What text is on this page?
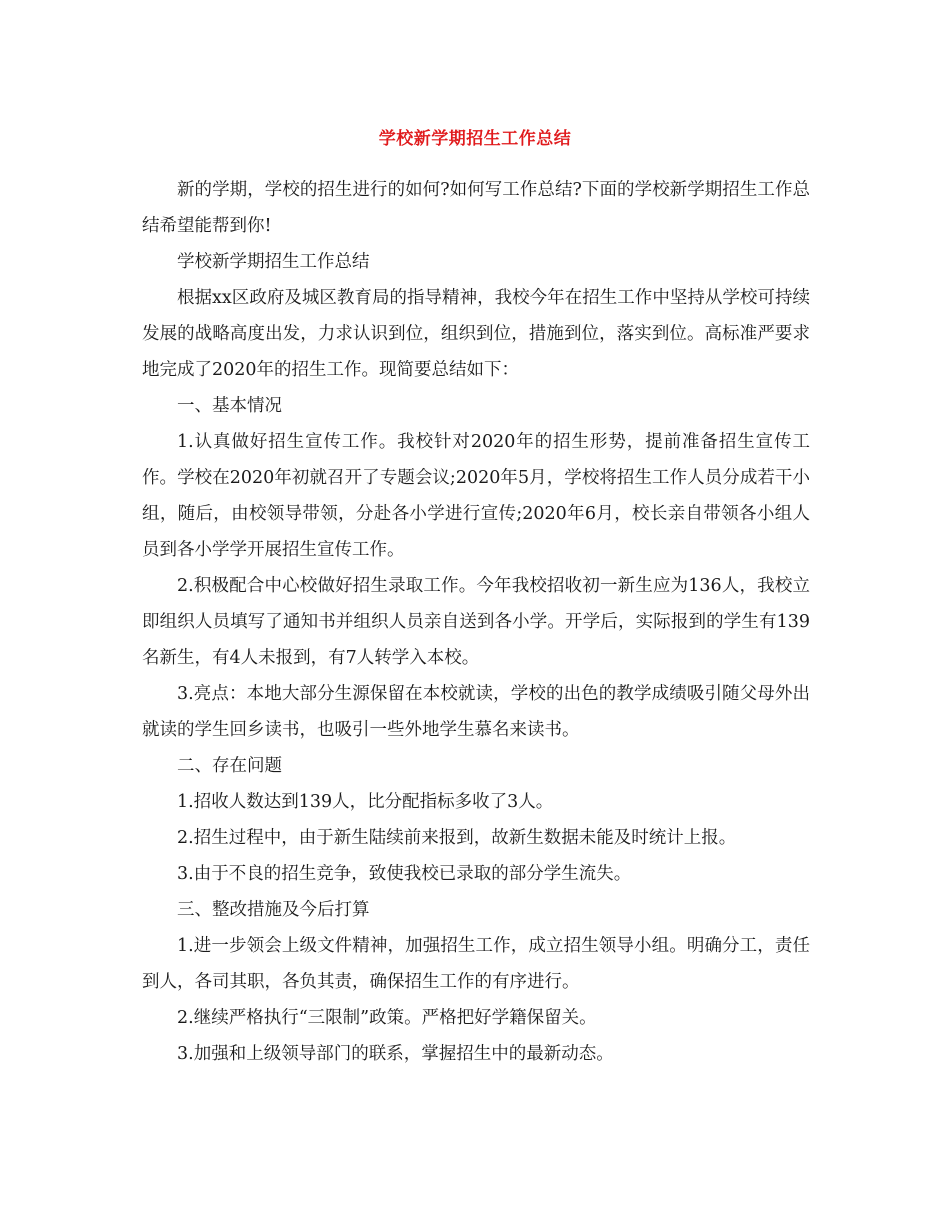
学校新学期招生工作总结

新的学期，学校的招生进行的如何?如何写工作总结?下面的学校新学期招生工作总结希望能帮到你!

学校新学期招生工作总结

根据xx区政府及城区教育局的指导精神，我校今年在招生工作中坚持从学校可持续发展的战略高度出发，力求认识到位，组织到位，措施到位，落实到位。高标准严要求地完成了2020年的招生工作。现简要总结如下：

一、基本情况

1.认真做好招生宣传工作。我校针对2020年的招生形势，提前准备招生宣传工作。学校在2020年初就召开了专题会议;2020年5月，学校将招生工作人员分成若干小组，随后，由校领导带领，分赴各小学进行宣传;2020年6月，校长亲自带领各小组人员到各小学学开展招生宣传工作。

2.积极配合中心校做好招生录取工作。今年我校招收初一新生应为136人，我校立即组织人员填写了通知书并组织人员亲自送到各小学。开学后，实际报到的学生有139名新生，有4人未报到，有7人转学入本校。

3.亮点：本地大部分生源保留在本校就读，学校的出色的教学成绩吸引随父母外出就读的学生回乡读书，也吸引一些外地学生慕名来读书。

二、存在问题

1.招收人数达到139人，比分配指标多收了3人。

2.招生过程中，由于新生陆续前来报到，故新生数据未能及时统计上报。

3.由于不良的招生竞争，致使我校已录取的部分学生流失。

三、整改措施及今后打算

1.进一步领会上级文件精神，加强招生工作，成立招生领导小组。明确分工，责任到人，各司其职，各负其责，确保招生工作的有序进行。

2.继续严格执行“三限制”政策。严格把好学籍保留关。

3.加强和上级领导部门的联系，掌握招生中的最新动态。
